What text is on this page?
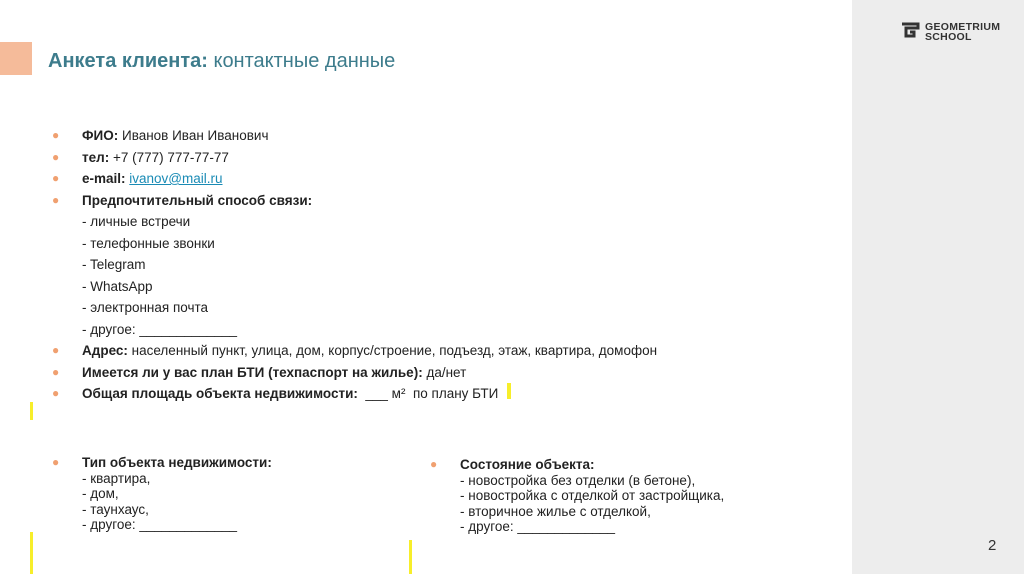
GEOMETRIUM
SCHOOL
Анкета клиента: контактные данные
●	ФИО: Иванов Иван Иванович
●	тел: +7 (777) 777-77-77
●	e-mail: ivanov@mail.ru
●	Предпочтительный способ связи:
- личные встречи
- телефонные звонки
- Telegram
- WhatsApp
- электронная почта
- другое: _____________
●	Адрес: населенный пункт, улица, дом, корпус/строение, подъезд, этаж, квартира, домофон
●	Имеется ли у вас план БТИ (техпаспорт на жилье): да/нет
●	Общая площадь объекта недвижимости:  ___ м²  по плану БТИ
●	Тип объекта недвижимости:
- квартира,
- дом,
- таунхаус,
- другое: _____________
●	Состояние объекта:
- новостройка без отделки (в бетоне),
- новостройка с отделкой от застройщика,
- вторичное жилье с отделкой,
- другое: _____________
2
